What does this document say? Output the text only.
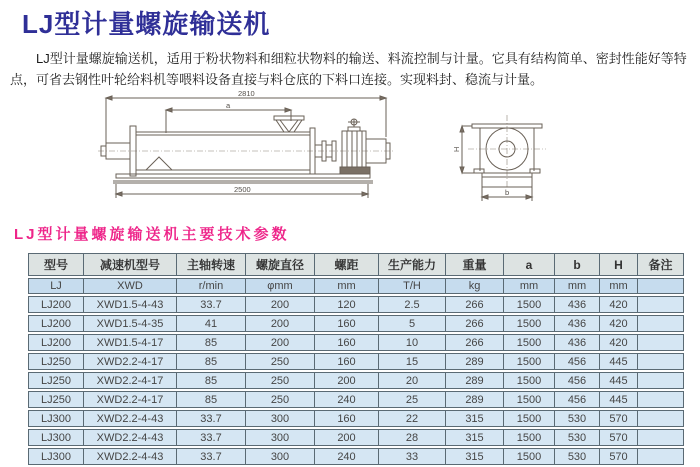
LJ型计量螺旋输送机

LJ型计量螺旋输送机，适用于粉状物料和细粒状物料的输送、料流控制与计量。它具有结构简单、密封性能好等特点，可省去钢性叶轮给料机等喂料设备直接与料仓底的下料口连接。实现料封、稳流与计量。

2810
a
2500
H
b
LJ型计量螺旋输送机主要技术参数
型号	减速机型号	主轴转速	螺旋直径	螺距	生产能力	重量	a	b	H	备注
LJ	XWD	r/min	φmm	mm	T/H	kg	mm	mm	mm	
LJ200	XWD1.5-4-43	33.7	200	120	2.5	266	1500	436	420	
LJ200	XWD1.5-4-35	41	200	160	5	266	1500	436	420	
LJ200	XWD1.5-4-17	85	200	160	10	266	1500	436	420	
LJ250	XWD2.2-4-17	85	250	160	15	289	1500	456	445	
LJ250	XWD2.2-4-17	85	250	200	20	289	1500	456	445	
LJ250	XWD2.2-4-17	85	250	240	25	289	1500	456	445	
LJ300	XWD2.2-4-43	33.7	300	160	22	315	1500	530	570	
LJ300	XWD2.2-4-43	33.7	300	200	28	315	1500	530	570	
LJ300	XWD2.2-4-43	33.7	300	240	33	315	1500	530	570	
